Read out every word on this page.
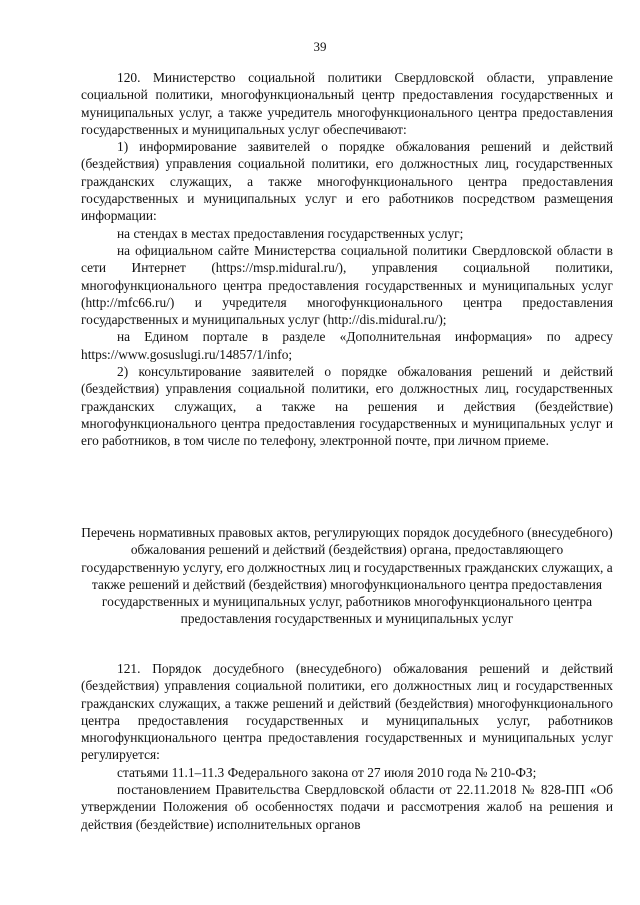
39

120. Министерство социальной политики Свердловской области, управление социальной политики, многофункциональный центр предоставления государственных и муниципальных услуг, а также учредитель многофункционального центра предоставления государственных и муниципальных услуг обеспечивают:

1) информирование заявителей о порядке обжалования решений и действий (бездействия) управления социальной политики, его должностных лиц, государственных гражданских служащих, а также многофункционального центра предоставления государственных и муниципальных услуг и его работников посредством размещения информации:

на стендах в местах предоставления государственных услуг;

на официальном сайте Министерства социальной политики Свердловской области в сети Интернет (https://msp.midural.ru/), управления социальной политики, многофункционального центра предоставления государственных и муниципальных услуг (http://mfc66.ru/) и учредителя многофункционального центра предоставления государственных и муниципальных услуг (http://dis.midural.ru/);

на Едином портале в разделе «Дополнительная информация» по адресу https://www.gosuslugi.ru/14857/1/info;

2) консультирование заявителей о порядке обжалования решений и действий (бездействия) управления социальной политики, его должностных лиц, государственных гражданских служащих, а также на решения и действия (бездействие) многофункционального центра предоставления государственных и муниципальных услуг и его работников, в том числе по телефону, электронной почте, при личном приеме.

Перечень нормативных правовых актов, регулирующих порядок досудебного (внесудебного) обжалования решений и действий (бездействия) органа, предоставляющего государственную услугу, его должностных лиц и государственных гражданских служащих, а также решений и действий (бездействия) многофункционального центра предоставления государственных и муниципальных услуг, работников многофункционального центра предоставления государственных и муниципальных услуг

121. Порядок досудебного (внесудебного) обжалования решений и действий (бездействия) управления социальной политики, его должностных лиц и государственных гражданских служащих, а также решений и действий (бездействия) многофункционального центра предоставления государственных и муниципальных услуг, работников многофункционального центра предоставления государственных и муниципальных услуг регулируется:

статьями 11.1–11.3 Федерального закона от 27 июля 2010 года № 210-ФЗ;

постановлением Правительства Свердловской области от 22.11.2018 № 828-ПП «Об утверждении Положения об особенностях подачи и рассмотрения жалоб на решения и действия (бездействие) исполнительных органов
